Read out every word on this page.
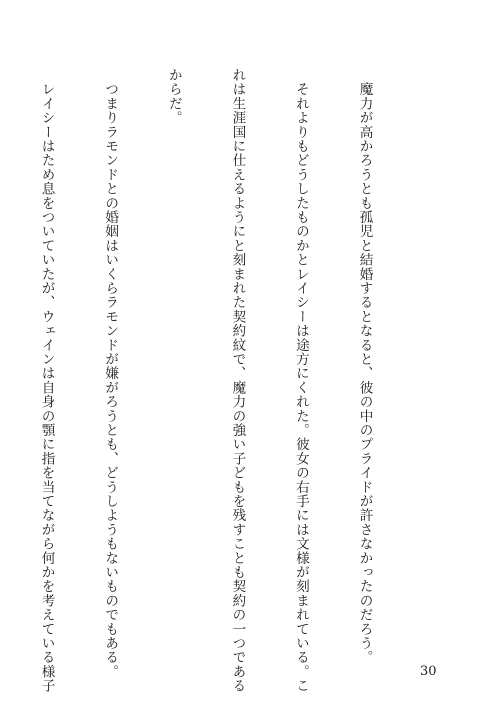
　魔力が高かろうとも孤児と結婚するとなると、彼の中のプライドが許さなかったのだろう。

　それよりもどうしたものかとレイシーは途方にくれた。彼女の右手には文様が刻まれている。こ

れは生涯国に仕えるようにと刻まれた契約紋で、魔力の強い子どもを残すことも契約の一つである

からだ。

　つまりラモンドとの婚姻はいくらラモンドが嫌がろうとも、どうしようもないものでもある。

　レイシーはため息をついていたが、ウェインは自身の顎に指を当てながら何かを考えている様子

	30
